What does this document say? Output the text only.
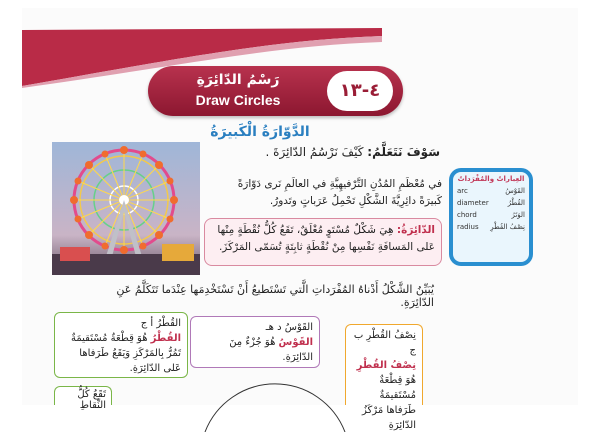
رَسْمُ الدّائِرَةِ
Draw Circles	٤-١٣
الدَّوّارَةُ الْكَبيرَةُ
سَوْفَ نَتَعَلَّمُ: كَيْفَ نَرْسُمُ الدّائِرَةَ .
العِباراتُ والمُفْرَداتُ
arc	القَوْسُ
diameter	القُطْرُ
chord	الوَتَرُ
radius نِصْفُ القُطْرِ
في مُعْظَمِ المُدُنِ التَّرْفيهِيَّةِ في العالَمِ نَرى دَوّارَةً كَبيرَةً دائِرِيَّةَ الشَّكْلِ تَحْمِلُ عَرَباتٍ وتَدورُ.
الدّائِرَةُ: هِيَ شَكْلٌ مُسْتَوٍ مُغْلَقٌ، تَقَعُ كُلُّ نُقْطَةٍ مِنْها عَلى المَسافَةِ نَفْسِها مِنْ نُقْطَةٍ ثابِتَةٍ تُسَمّى المَرْكَزَ.
يُبَيِّنُ الشَّكْلُ أَدْناهُ المُفْرَداتِ الَّتي تَسْتَطيعُ أَنْ تَسْتَخْدِمَها عِنْدَما تَتَكَلَّمُ عَنِ الدّائِرَةِ.
القُطْرُ أ ج
القُطْرُ هُوَ قِطْعَةٌ مُسْتَقيمَةٌ تَمُرُّ بِالمَرْكَزِ وَيَقَعُ طَرَفاها عَلى الدّائِرَةِ.
القَوْسُ د هـ
القَوْسُ هُوَ جُزْءٌ مِنَ الدّائِرَةِ.
نِصْفُ القُطْرِ ب ج
نِصْفُ القُطْرِ هُوَ قِطْعَةٌ مُسْتَقيمَةٌ طَرَفاها مَرْكَزُ الدّائِرَةِ
تَقَعُ كُلُّ النِّقاطِ
